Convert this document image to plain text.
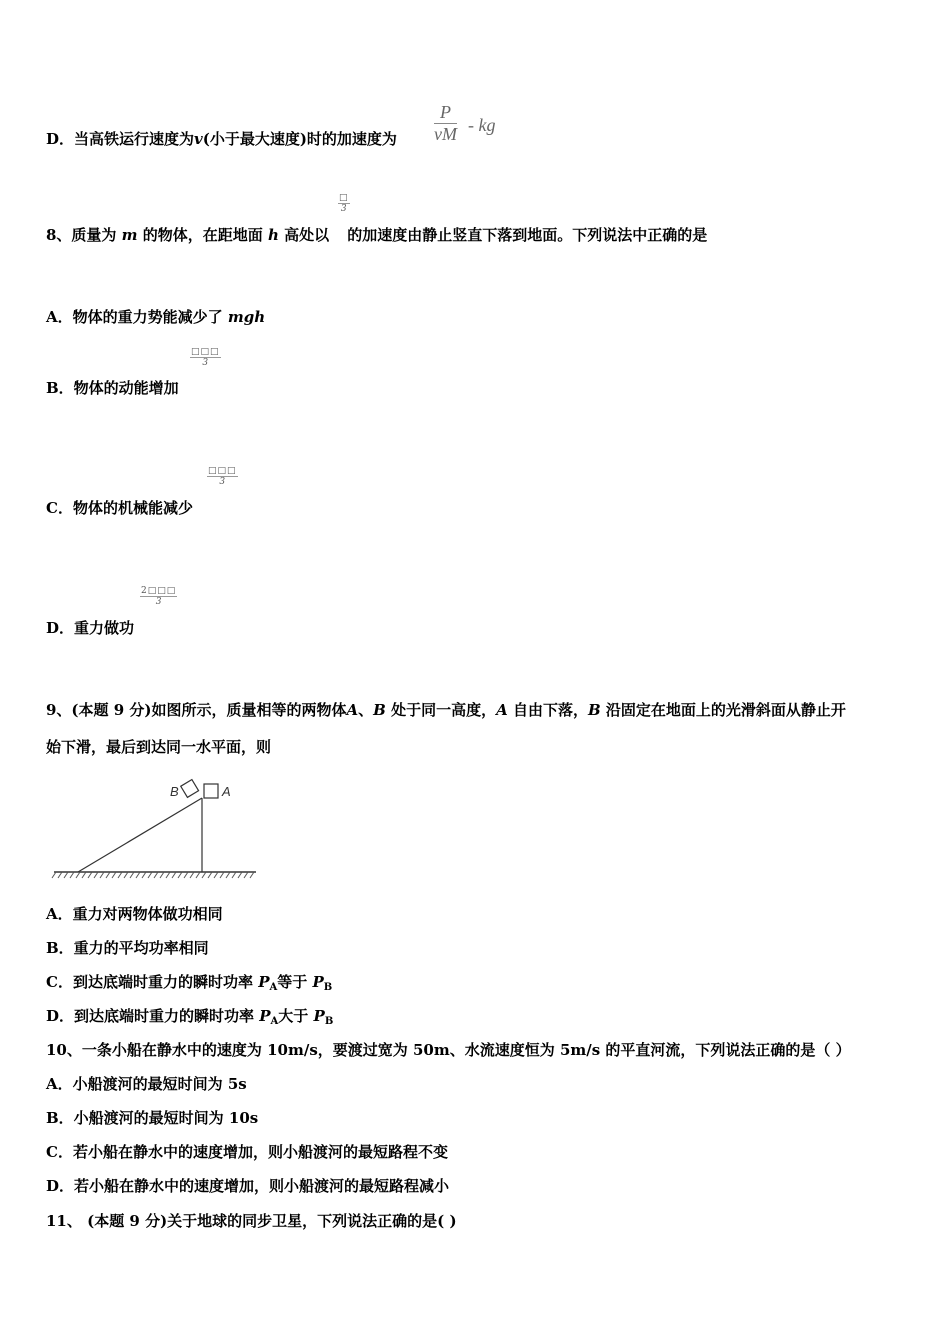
D．当高铁运行速度为v(小于最大速度)时的加速度为 $\frac{P}{vM}$ - kg
□
3
8、质量为 m 的物体，在距地面 h 高处以 的加速度由静止竖直下落到地面。下列说法中正确的是
A．物体的重力势能减少了 mgh
□□□
3
B．物体的动能增加
□□□
3
C．物体的机械能减少
$\frac{2□□□}{3}$
D．重力做功
9、(本题 9 分)如图所示，质量相等的两物体A、B 处于同一高度，A 自由下落，B 沿固定在地面上的光滑斜面从静止开
始下滑，最后到达同一水平面，则
B	A
A．重力对两物体做功相同
B．重力的平均功率相同
C．到达底端时重力的瞬时功率 $P_A$等于 $P_B$
D．到达底端时重力的瞬时功率 $P_A$大于 $P_B$
10、一条小船在静水中的速度为 10m/s，要渡过宽为 50m、水流速度恒为 5m/s 的平直河流，下列说法正确的是（ ）
A．小船渡河的最短时间为 5s
B．小船渡河的最短时间为 10s
C．若小船在静水中的速度增加，则小船渡河的最短路程不变
D．若小船在静水中的速度增加，则小船渡河的最短路程减小
11、 (本题 9 分)关于地球的同步卫星，下列说法正确的是( )
